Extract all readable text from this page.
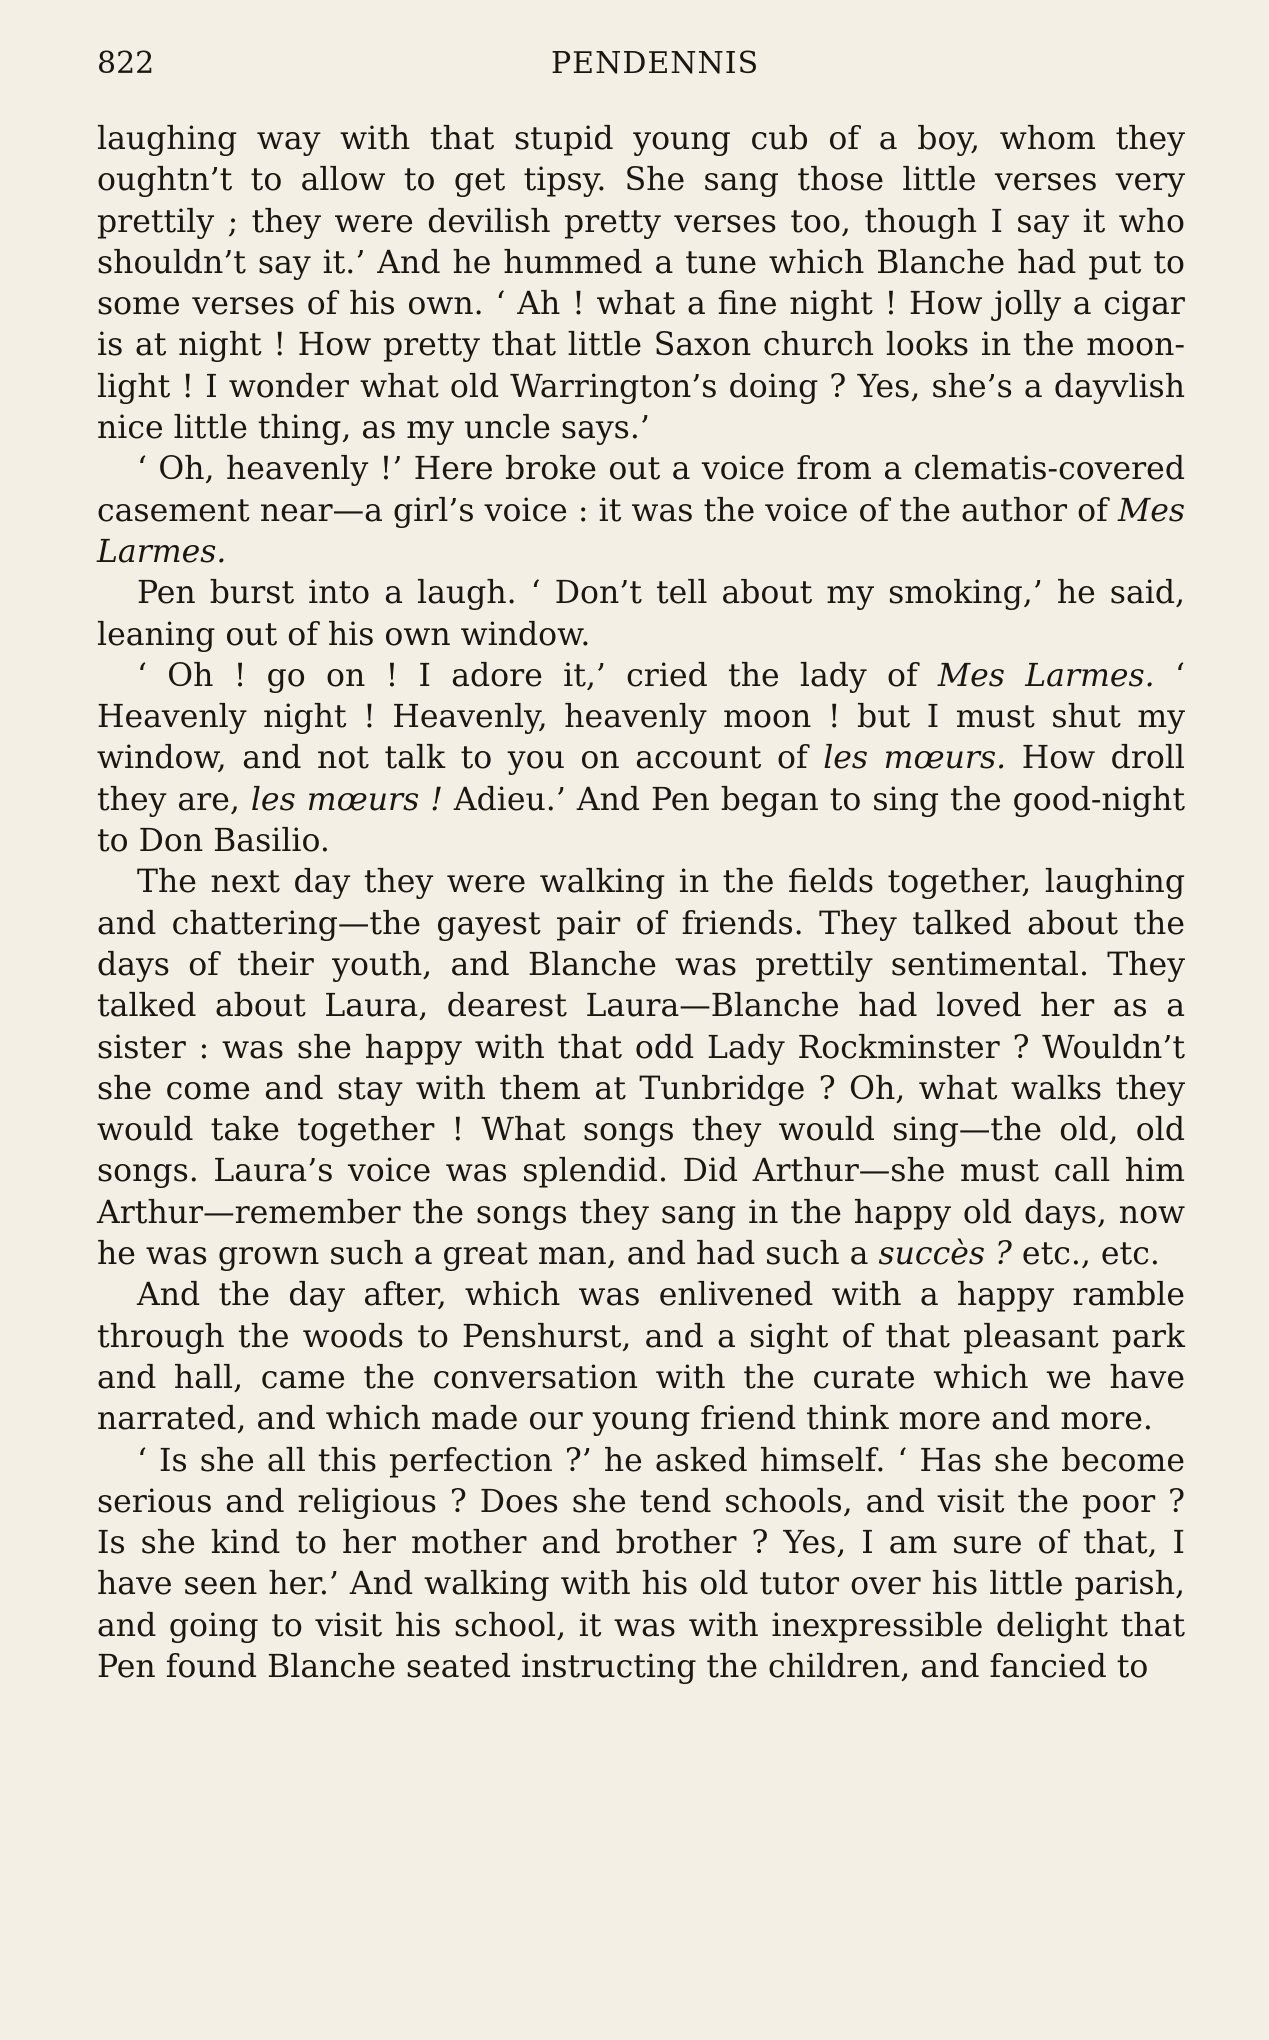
822	PENDENNIS

laughing way with that stupid young cub of a boy, whom they oughtn’t to allow to get tipsy. She sang those little verses very prettily ; they were devilish pretty verses too, though I say it who shouldn’t say it.’ And he hummed a tune which Blanche had put to some verses of his own. ‘ Ah ! what a fine night ! How jolly a cigar is at night ! How pretty that little Saxon church looks in the moon-light ! I wonder what old Warrington’s doing ? Yes, she’s a dayvlish nice little thing, as my uncle says.’

‘ Oh, heavenly !’ Here broke out a voice from a clematis-covered casement near—a girl’s voice : it was the voice of the author of Mes Larmes.

Pen burst into a laugh. ‘ Don’t tell about my smoking,’ he said, leaning out of his own window.

‘ Oh ! go on ! I adore it,’ cried the lady of Mes Larmes. ‘ Heavenly night ! Heavenly, heavenly moon ! but I must shut my window, and not talk to you on account of les mœurs. How droll they are, les mœurs ! Adieu.’ And Pen began to sing the good-night to Don Basilio.

The next day they were walking in the fields together, laughing and chattering—the gayest pair of friends. They talked about the days of their youth, and Blanche was prettily sentimental. They talked about Laura, dearest Laura—Blanche had loved her as a sister : was she happy with that odd Lady Rockminster ? Wouldn’t she come and stay with them at Tunbridge ? Oh, what walks they would take together ! What songs they would sing—the old, old songs. Laura’s voice was splendid. Did Arthur—she must call him Arthur—remember the songs they sang in the happy old days, now he was grown such a great man, and had such a succès ? etc., etc.

And the day after, which was enlivened with a happy ramble through the woods to Penshurst, and a sight of that pleasant park and hall, came the conversation with the curate which we have narrated, and which made our young friend think more and more.

‘ Is she all this perfection ?’ he asked himself. ‘ Has she become serious and religious ? Does she tend schools, and visit the poor ? Is she kind to her mother and brother ? Yes, I am sure of that, I have seen her.’ And walking with his old tutor over his little parish, and going to visit his school, it was with inexpressible delight that Pen found Blanche seated instructing the children, and fancied to
